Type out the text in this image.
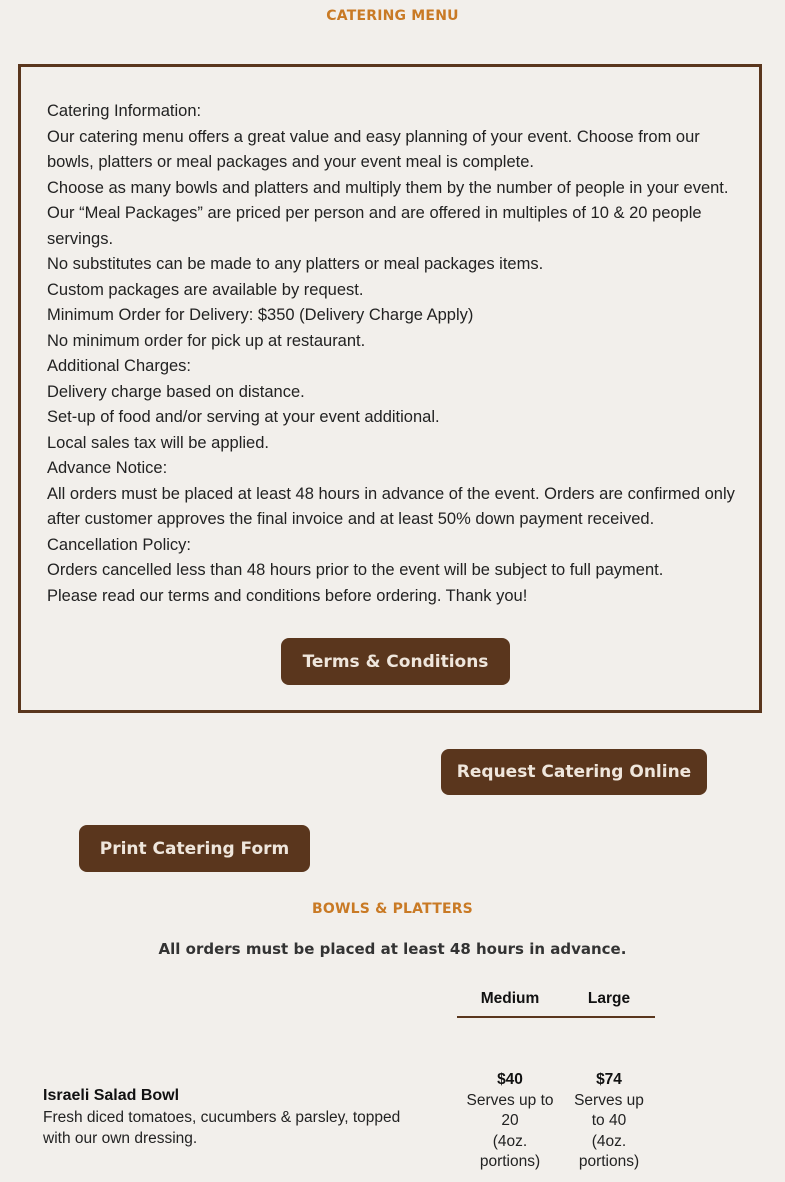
CATERING MENU
Catering Information:
Our catering menu offers a great value and easy planning of your event. Choose from our bowls, platters or meal packages and your event meal is complete.
Choose as many bowls and platters and multiply them by the number of people in your event. Our “Meal Packages” are priced per person and are offered in multiples of 10 & 20 people servings.
No substitutes can be made to any platters or meal packages items.
Custom packages are available by request.
Minimum Order for Delivery: $350 (Delivery Charge Apply)
No minimum order for pick up at restaurant.
Additional Charges:
Delivery charge based on distance.
Set-up of food and/or serving at your event additional.
Local sales tax will be applied.
Advance Notice:
All orders must be placed at least 48 hours in advance of the event. Orders are confirmed only after customer approves the final invoice and at least 50% down payment received.
Cancellation Policy:
Orders cancelled less than 48 hours prior to the event will be subject to full payment.
Please read our terms and conditions before ordering. Thank you!
Terms & Conditions
Request Catering Online
Print Catering Form
BOWLS & PLATTERS
All orders must be placed at least 48 hours in advance.
Medium	Large
Israeli Salad Bowl
Fresh diced tomatoes, cucumbers & parsley, topped with our own dressing.
$40
Serves up to 20
(4oz. portions)
$74
Serves up to 40
(4oz. portions)
